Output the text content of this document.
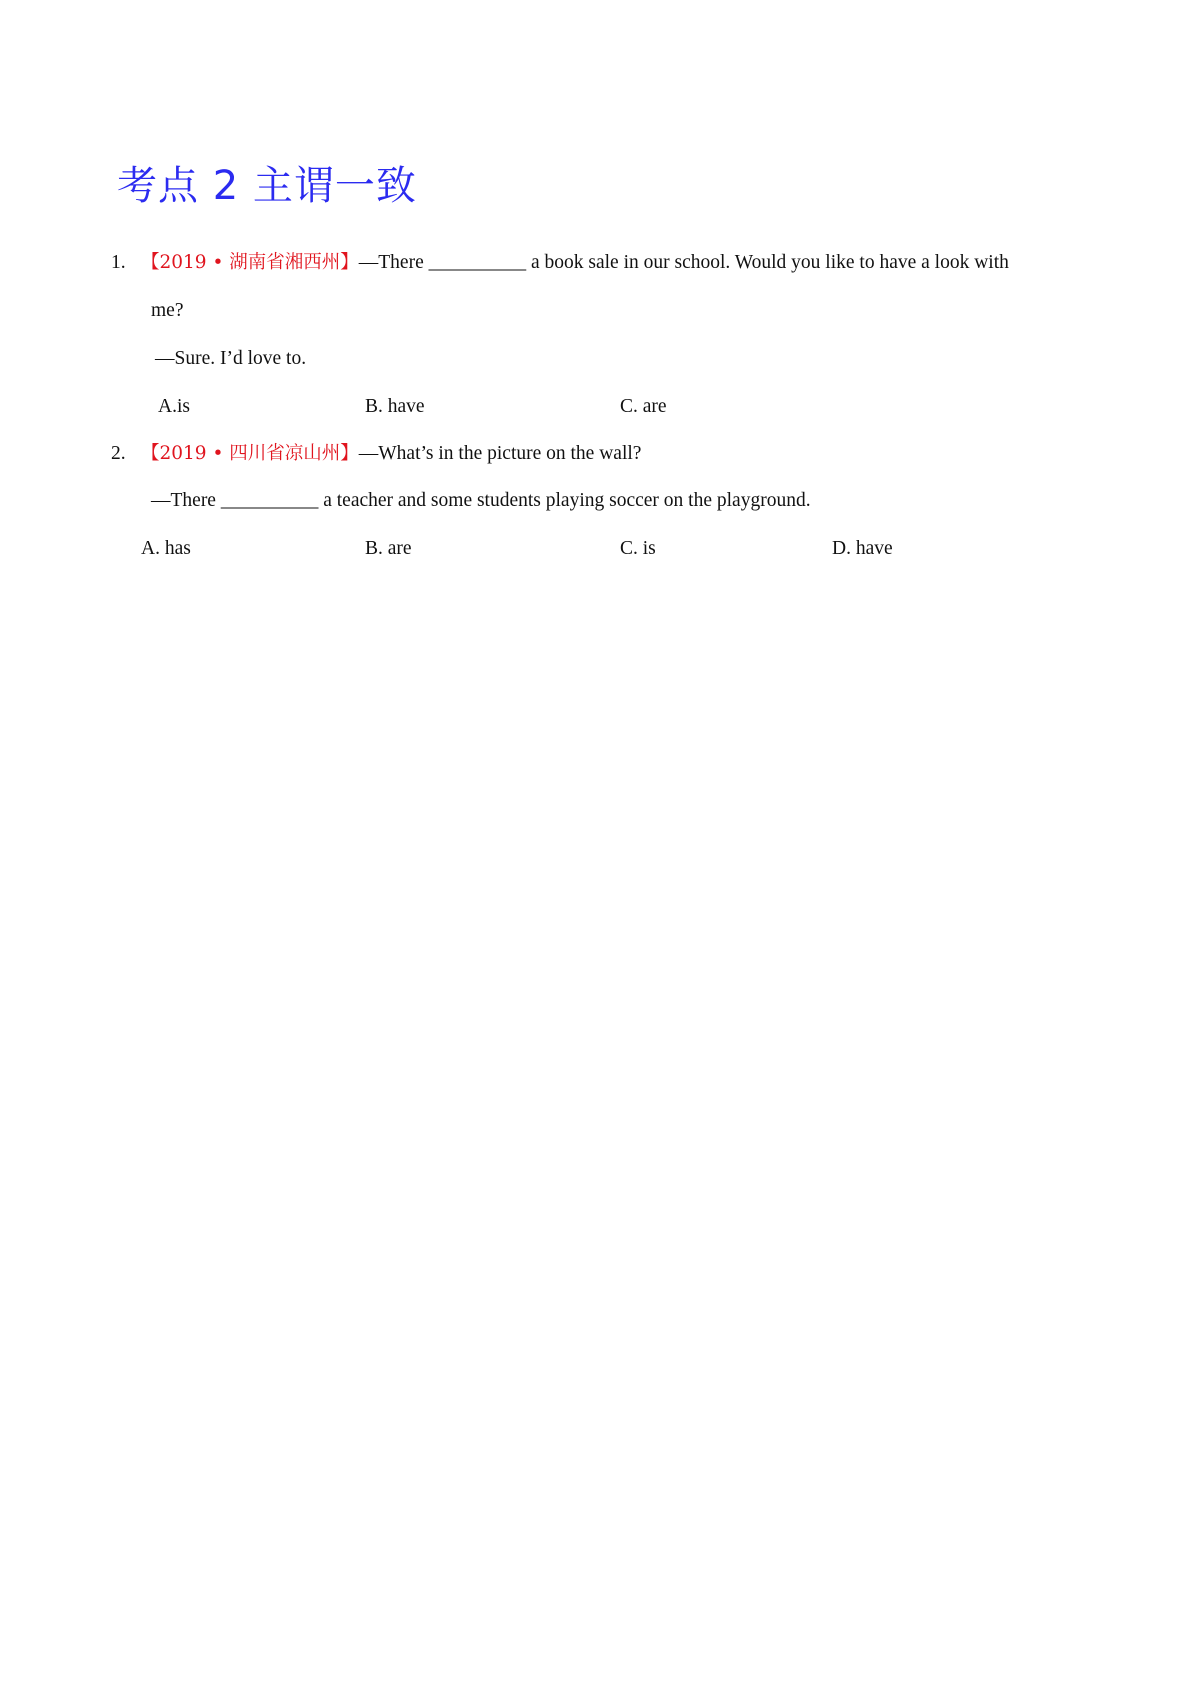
考点 2 主谓一致
1. 【2019 • 湖南省湘西州】—There __________ a book sale in our school. Would you like to have a look with
me?
—Sure. I’d love to.
A.is	B. have	C. are
2. 【2019 • 四川省凉山州】—What’s in the picture on the wall?
—There __________ a teacher and some students playing soccer on the playground.
A. has	B. are	C. is	D. have
